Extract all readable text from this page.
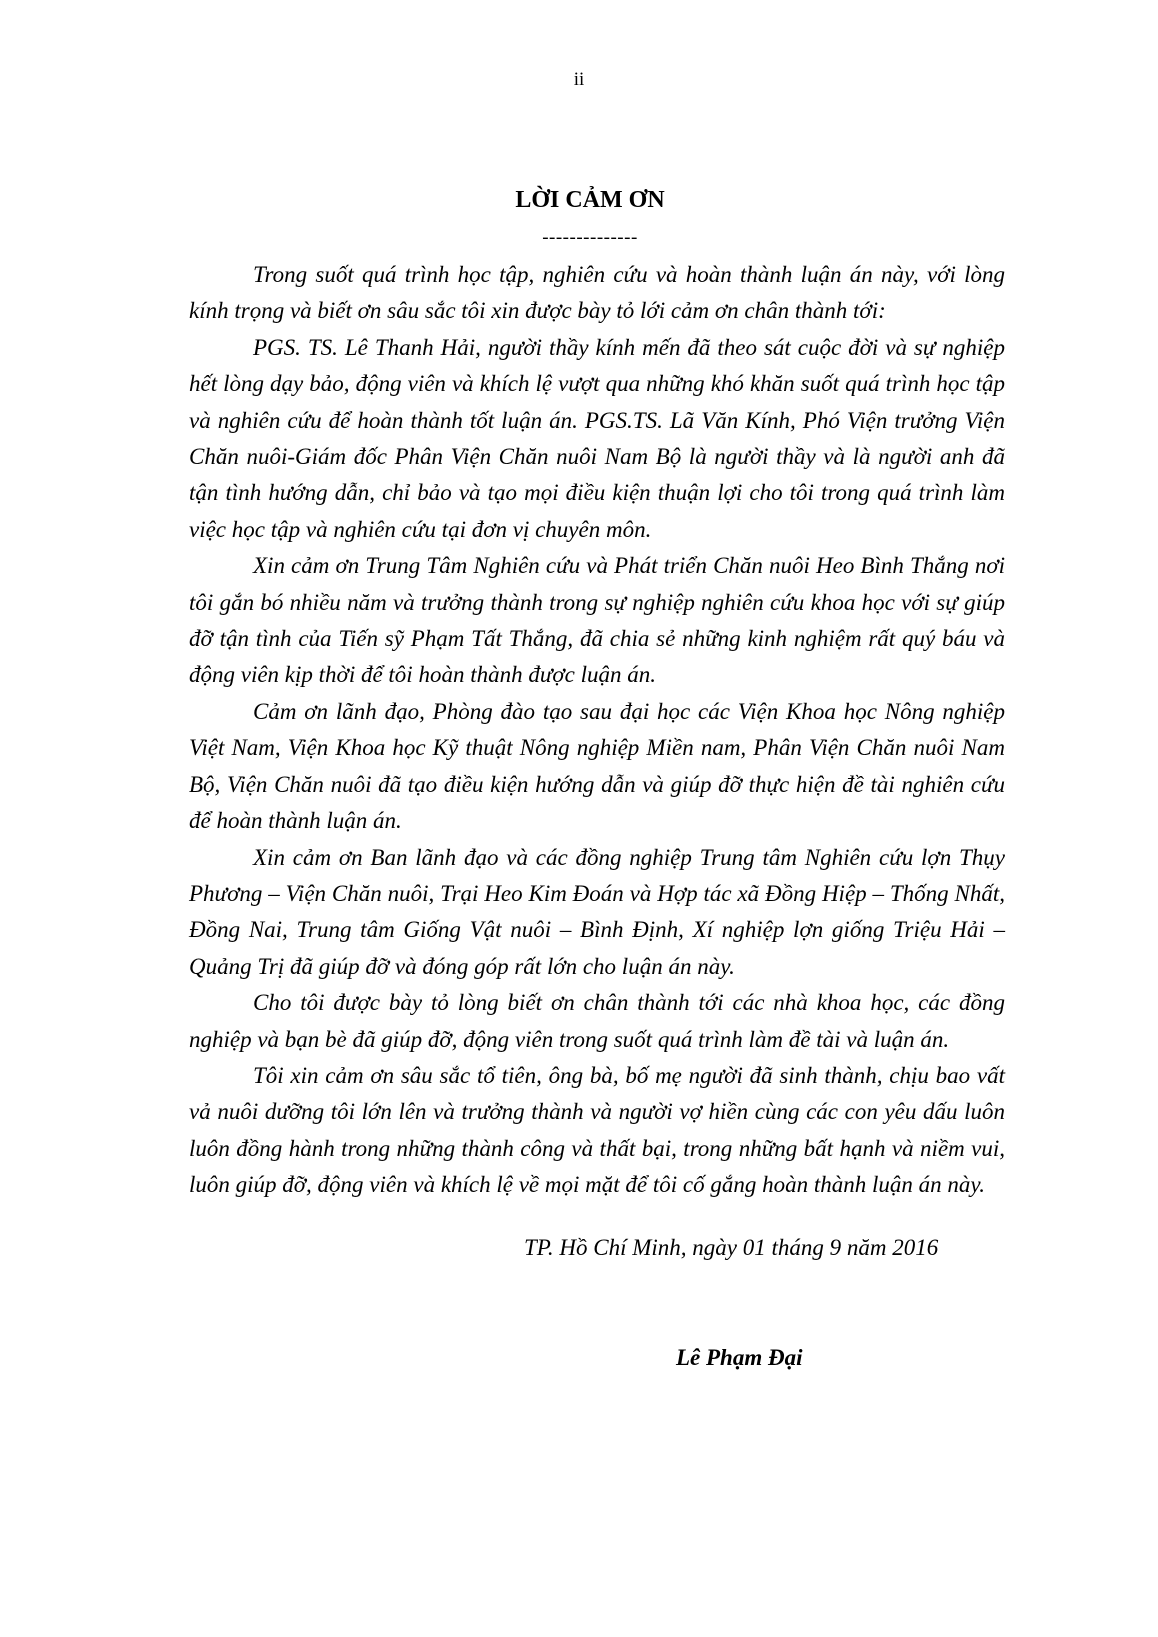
ii
LỜI CẢM ƠN
--------------

Trong suốt quá trình học tập, nghiên cứu và hoàn thành luận án này, với lòng kính trọng và biết ơn sâu sắc tôi xin được bày tỏ lới cảm ơn chân thành tới:

PGS. TS. Lê Thanh Hải, người thầy kính mến đã theo sát cuộc đời và sự nghiệp hết lòng dạy bảo, động viên và khích lệ vượt qua những khó khăn suốt quá trình học tập và nghiên cứu để hoàn thành tốt luận án. PGS.TS. Lã Văn Kính, Phó Viện trưởng Viện Chăn nuôi-Giám đốc Phân Viện Chăn nuôi Nam Bộ là người thầy và là người anh đã tận tình hướng dẫn, chỉ bảo và tạo mọi điều kiện thuận lợi cho tôi trong quá trình làm việc học tập và nghiên cứu tại đơn vị chuyên môn.

Xin cảm ơn Trung Tâm Nghiên cứu và Phát triển Chăn nuôi Heo Bình Thắng nơi tôi gắn bó nhiều năm và trưởng thành trong sự nghiệp nghiên cứu khoa học với sự giúp đỡ tận tình của Tiến sỹ Phạm Tất Thắng, đã chia sẻ những kinh nghiệm rất quý báu và động viên kịp thời để tôi hoàn thành được luận án.

Cảm ơn lãnh đạo, Phòng đào tạo sau đại học các Viện Khoa học Nông nghiệp Việt Nam, Viện Khoa học Kỹ thuật Nông nghiệp Miền nam, Phân Viện Chăn nuôi Nam Bộ, Viện Chăn nuôi đã tạo điều kiện hướng dẫn và giúp đỡ thực hiện đề tài nghiên cứu để hoàn thành luận án.

Xin cảm ơn Ban lãnh đạo và các đồng nghiệp Trung tâm Nghiên cứu lợn Thụy Phương – Viện Chăn nuôi, Trại Heo Kim Đoán và Hợp tác xã Đồng Hiệp – Thống Nhất, Đồng Nai, Trung tâm Giống Vật nuôi – Bình Định, Xí nghiệp lợn giống Triệu Hải – Quảng Trị đã giúp đỡ và đóng góp rất lớn cho luận án này.

Cho tôi được bày tỏ lòng biết ơn chân thành tới các nhà khoa học, các đồng nghiệp và bạn bè đã giúp đỡ, động viên trong suốt quá trình làm đề tài và luận án.

Tôi xin cảm ơn sâu sắc tổ tiên, ông bà, bố mẹ người đã sinh thành, chịu bao vất vả nuôi dưỡng tôi lớn lên và trưởng thành và người vợ hiền cùng các con yêu dấu luôn luôn đồng hành trong những thành công và thất bại, trong những bất hạnh và niềm vui, luôn giúp đỡ, động viên và khích lệ về mọi mặt để tôi cố gắng hoàn thành luận án này.

TP. Hồ Chí Minh, ngày 01 tháng 9 năm 2016
Lê Phạm Đại
